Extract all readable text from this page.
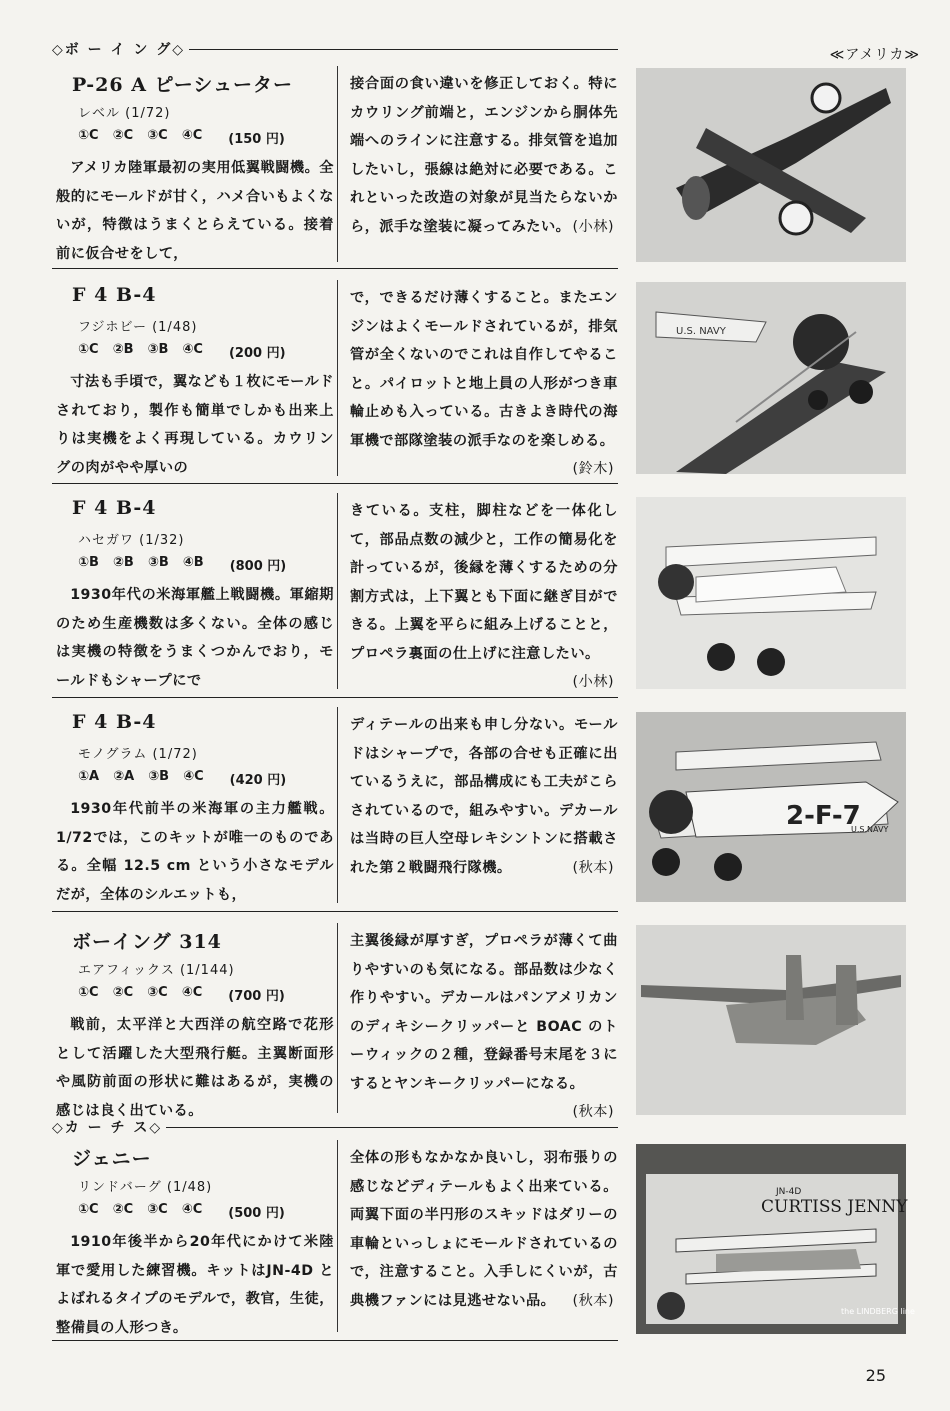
◇ボ ー イ ン グ◇	≪アメリカ≫
P-26 A ピーシューター
レベル (1/72)
①C ②C ③C ④C (150 円)
アメリカ陸軍最初の実用低翼戦闘機。全般的にモールドが甘く，ハメ合いもよくないが，特徴はうまくとらえている。接着前に仮合せをして，
接合面の食い違いを修正しておく。特にカウリング前端と，エンジンから胴体先端へのラインに注意する。排気管を追加したいし，張線は絶対に必要である。これといった改造の対象が見当たらないから，派手な塗装に凝ってみたい。 (小林)
F 4 B-4
フジホビー (1/48)
①C ②B ③B ④C (200 円)
寸法も手頃で，翼なども１枚にモールドされており，製作も簡単でしかも出来上りは実機をよく再現している。カウリングの肉がやや厚いの
で，できるだけ薄くすること。またエンジンはよくモールドされているが，排気管が全くないのでこれは自作してやること。パイロットと地上員の人形がつき車輪止めも入っている。古きよき時代の海軍機で部隊塗装の派手なのを楽しめる。
(鈴木)
F 4 B-4
ハセガワ (1/32)
①B ②B ③B ④B (800 円)
1930年代の米海軍艦上戦闘機。軍縮期のため生産機数は多くない。全体の感じは実機の特徴をうまくつかんでおり，モールドもシャープにで
きている。支柱，脚柱などを一体化して，部品点数の減少と，工作の簡易化を計っているが，後縁を薄くするための分割方式は，上下翼とも下面に継ぎ目ができる。上翼を平らに組み上げることと，プロペラ裏面の仕上げに注意したい。
(小林)
F 4 B-4
モノグラム (1/72)
①A ②A ③B ④C (420 円)
1930年代前半の米海軍の主力艦戦。1/72では，このキットが唯一のものである。全幅 12.5 cm という小さなモデルだが，全体のシルエットも，
ディテールの出来も申し分ない。モールドはシャープで，各部の合せも正確に出ているうえに，部品構成にも工夫がこらされているので，組みやすい。デカールは当時の巨人空母レキシントンに搭載された第２戦闘飛行隊機。	(秋本)
ボーイング 314
エアフィックス (1/144)
①C ②C ③C ④C (700 円)
戦前，太平洋と大西洋の航空路で花形として活躍した大型飛行艇。主翼断面形や風防前面の形状に難はあるが，実機の感じは良く出ている。
主翼後縁が厚すぎ，プロペラが薄くて曲りやすいのも気になる。部品数は少なく作りやすい。デカールはパンアメリカンのディキシークリッパーと BOAC のトーウィックの２種，登録番号末尾を３にするとヤンキークリッパーになる。
(秋本)
◇カ ー チ ス◇
ジェニー
リンドバーグ (1/48)
①C ②C ③C ④C (500 円)
1910年後半から20年代にかけて米陸軍で愛用した練習機。キットはJN-4D とよばれるタイプのモデルで，教官，生徒，整備員の人形つき。
全体の形もなかなか良いし，羽布張りの感じなどディテールもよく出来ている。両翼下面の半円形のスキッドはダリーの車輪といっしょにモールドされているので，注意すること。入手しにくいが，古典機ファンには見逃せない品。 (秋本)
U.S. NAVY
2-F-7
U.S.NAVY
JN-4D
CURTISS JENNY
the LINDBERG line
25
